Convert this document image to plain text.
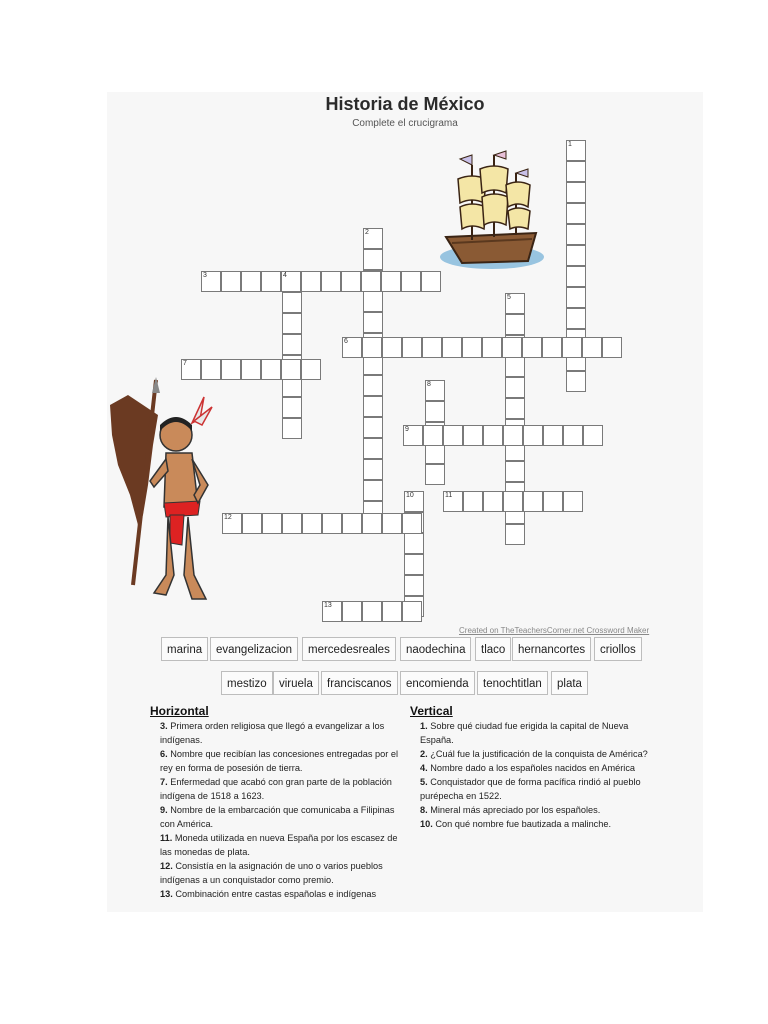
Historia de México
Complete el crucigrama
1
2
3	4
5
6
7
8
9
10	11
12
13
Created on TheTeachersCorner.net Crossword Maker
marina	evangelizacion	mercedesreales	naodechina	tlaco	hernancortes	criollos
mestizo	viruela	franciscanos	encomienda	tenochtitlan	plata
Horizontal
3. Primera orden religiosa que llegó a evangelizar a los indígenas.
6. Nombre que recibían las concesiones entregadas por el rey en forma de posesión de tierra.
7. Enfermedad que acabó con gran parte de la población indígena de 1518 a 1623.
9. Nombre de la embarcación que comunicaba a Filipinas con América.
11. Moneda utilizada en nueva España por los escasez de las monedas de plata.
12. Consistía en la asignación de uno o varios pueblos indígenas a un conquistador como premio.
13. Combinación entre castas españolas e indígenas
Vertical
1. Sobre qué ciudad fue erigida la capital de Nueva España.
2. ¿Cuál fue la justificación de la conquista de América?
4. Nombre dado a los españoles nacidos en América
5. Conquistador que de forma pacífica rindió al pueblo purépecha en 1522.
8. Mineral más apreciado por los españoles.
10. Con qué nombre fue bautizada a malinche.
